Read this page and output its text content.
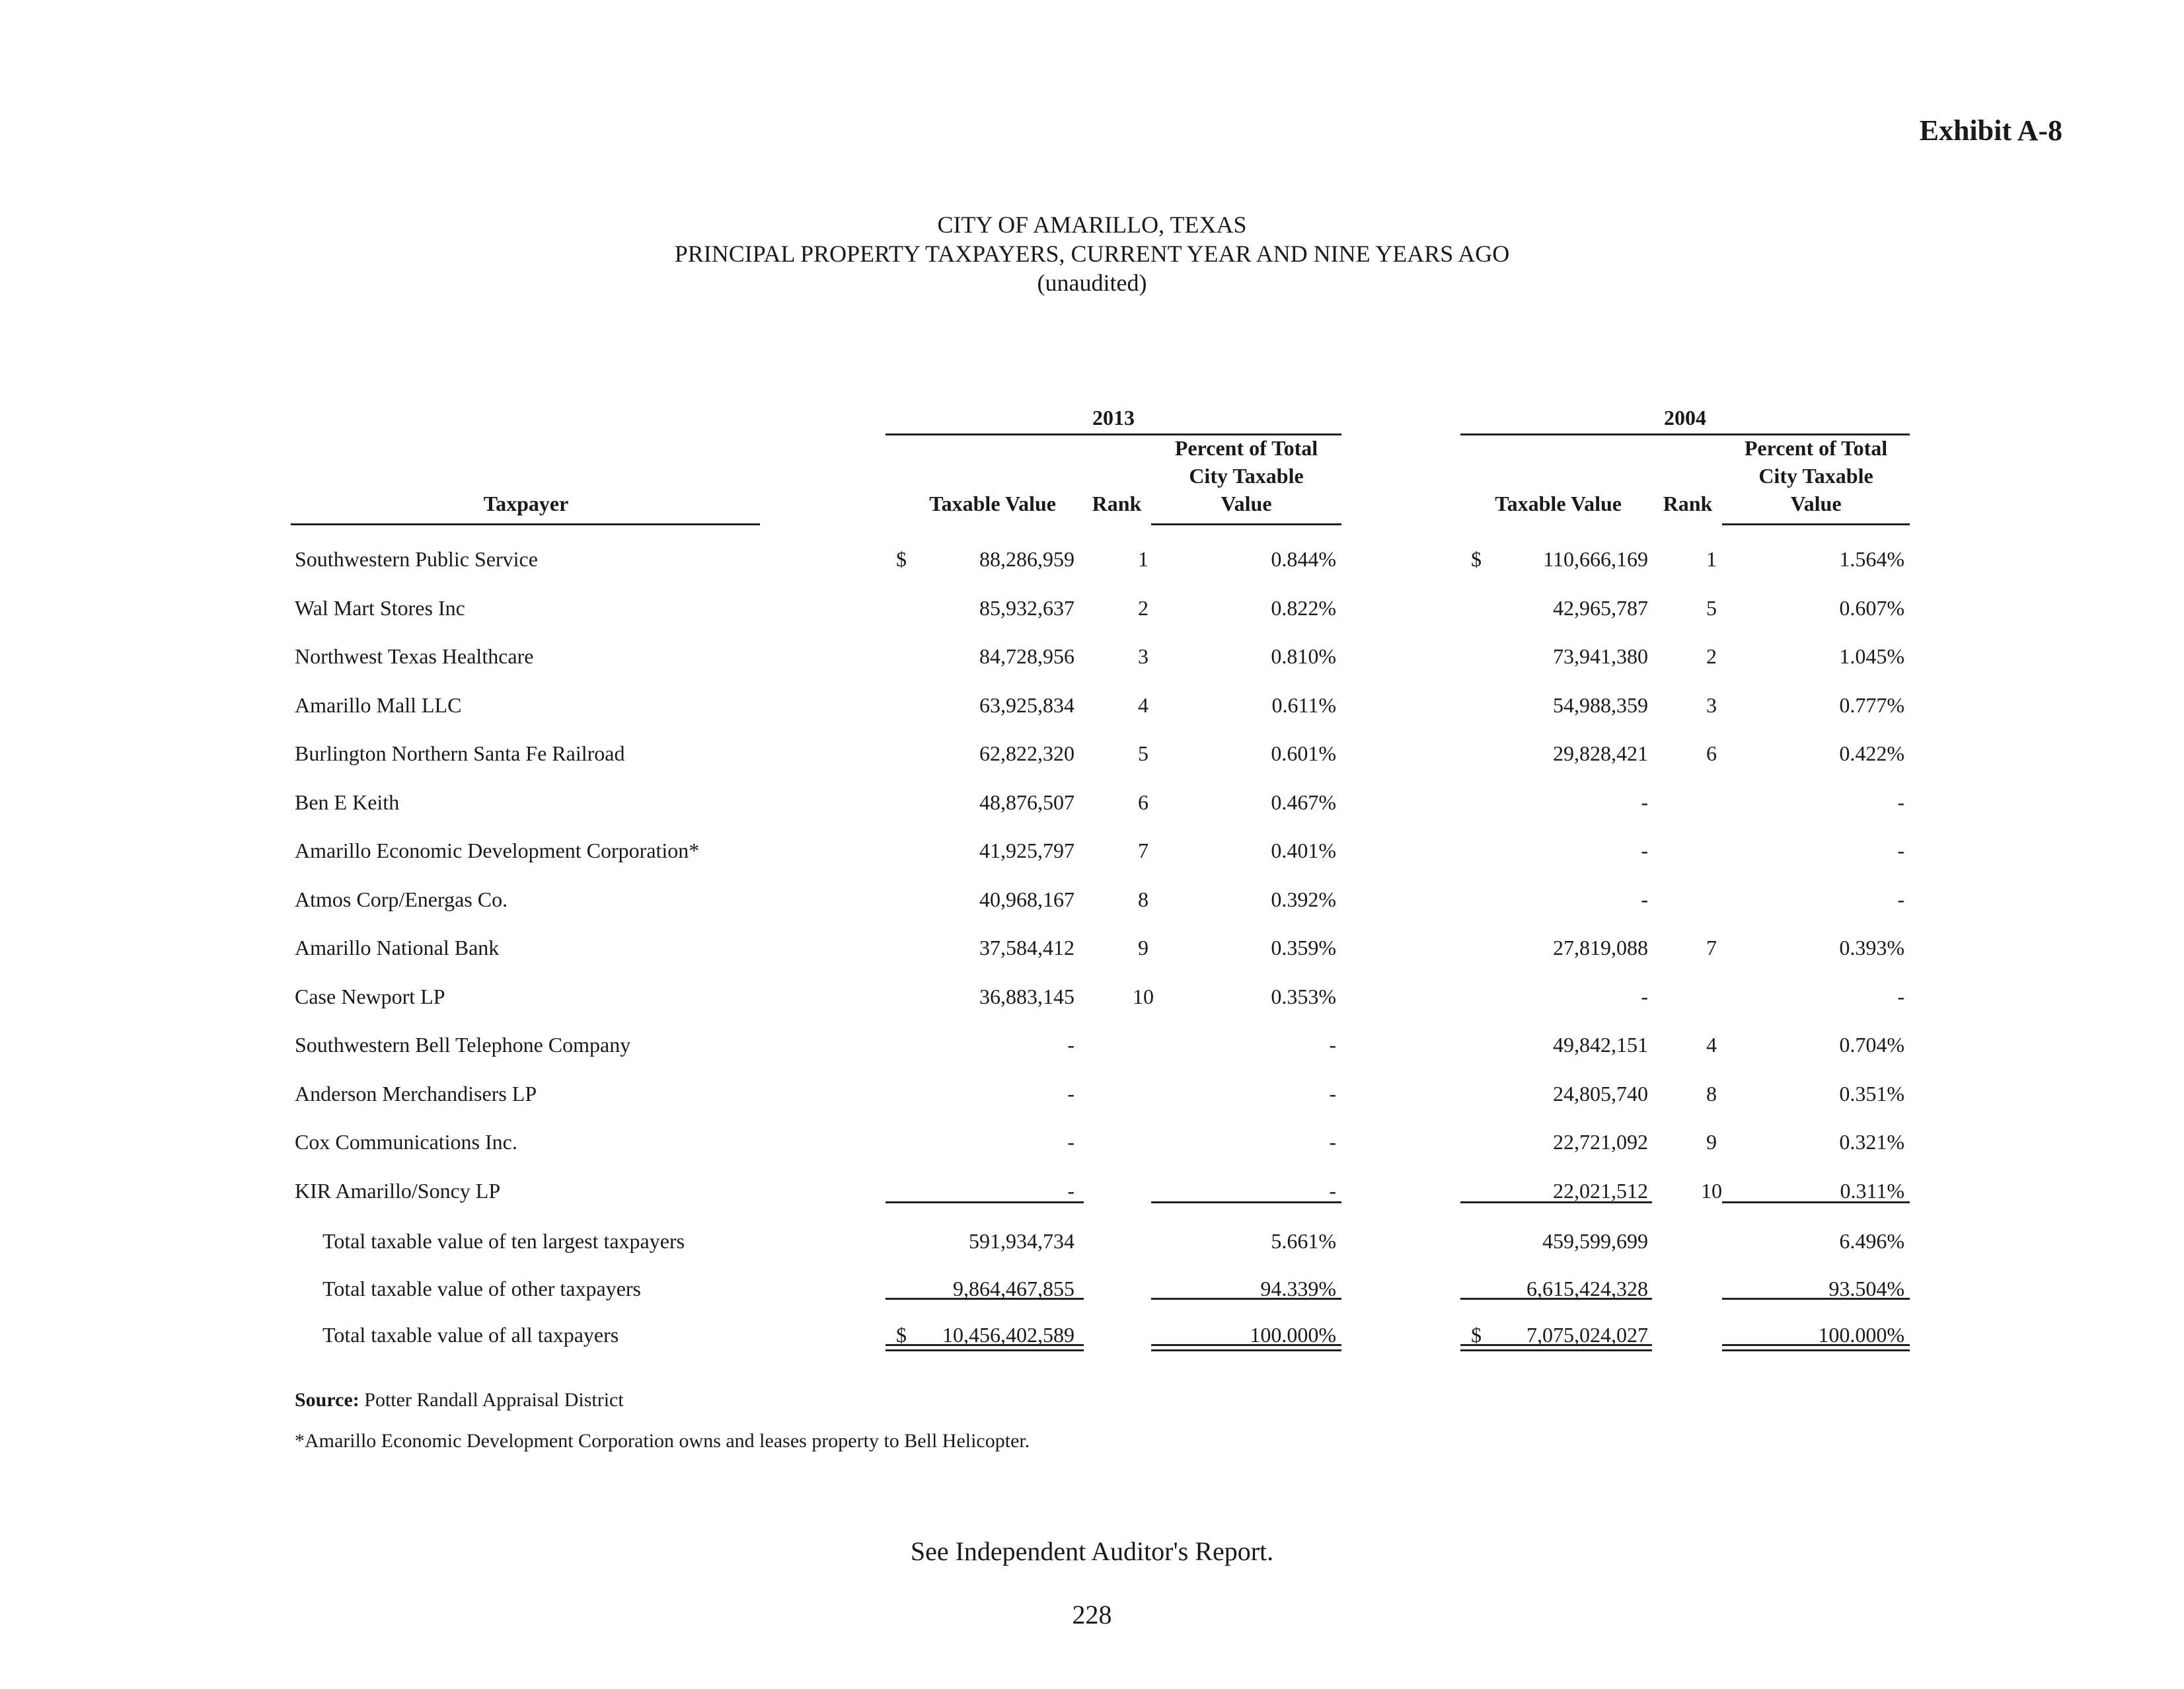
Exhibit A-8
CITY OF AMARILLO, TEXAS
PRINCIPAL PROPERTY TAXPAYERS, CURRENT YEAR AND NINE YEARS AGO
(unaudited)
2013	2004
Taxpayer	Taxable Value	Rank
Percent of Total
City Taxable
Value	Taxable Value	Rank
Percent of Total
City Taxable
Value
Southwestern Public Service	$	88,286,959	1	0.844%	$	110,666,169	1	1.564%
Wal Mart Stores Inc	85,932,637	2	0.822%	42,965,787	5	0.607%
Northwest Texas Healthcare	84,728,956	3	0.810%	73,941,380	2	1.045%
Amarillo Mall LLC	63,925,834	4	0.611%	54,988,359	3	0.777%
Burlington Northern Santa Fe Railroad	62,822,320	5	0.601%	29,828,421	6	0.422%
Ben E Keith	48,876,507	6	0.467%	-	-
Amarillo Economic Development Corporation*	41,925,797	7	0.401%	-	-
Atmos Corp/Energas Co.	40,968,167	8	0.392%	-	-
Amarillo National Bank	37,584,412	9	0.359%	27,819,088	7	0.393%
Case Newport LP	36,883,145	10	0.353%	-	-
Southwestern Bell Telephone Company	-	-	49,842,151	4	0.704%
Anderson Merchandisers LP	-	-	24,805,740	8	0.351%
Cox Communications Inc.	-	-	22,721,092	9	0.321%
KIR Amarillo/Soncy LP	-	-	22,021,512	10	0.311%
Total taxable value of ten largest taxpayers	591,934,734	5.661%	459,599,699	6.496%
Total taxable value of other taxpayers	9,864,467,855	94.339%	6,615,424,328	93.504%
Total taxable value of all taxpayers	$	10,456,402,589	100.000%	$	7,075,024,027	100.000%
Source: Potter Randall Appraisal District
*Amarillo Economic Development Corporation owns and leases property to Bell Helicopter.
See Independent Auditor's Report.
228
